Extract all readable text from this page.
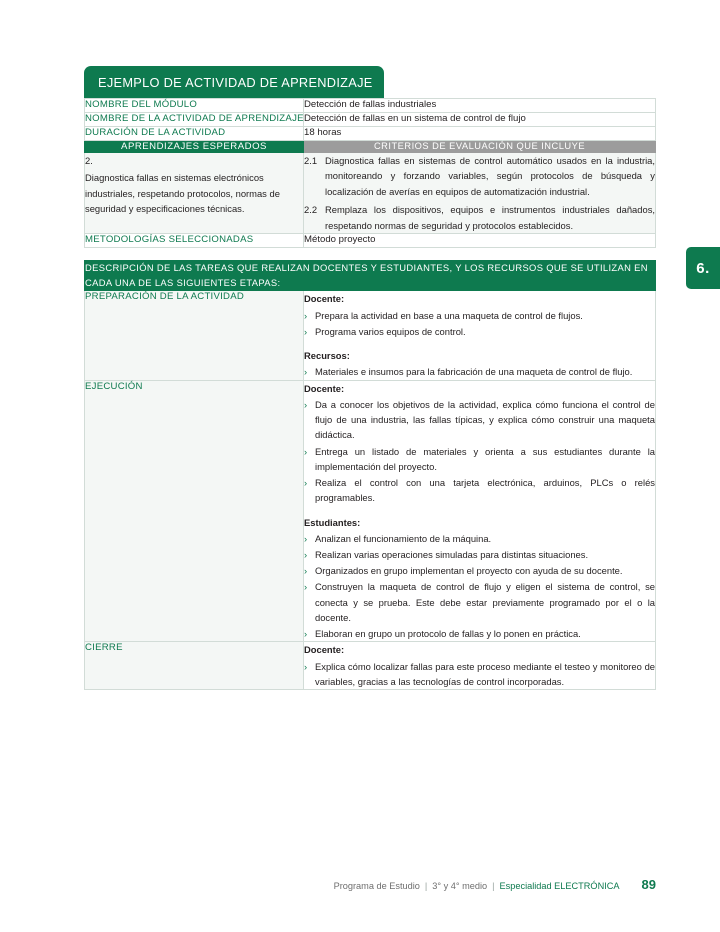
6.
EJEMPLO DE ACTIVIDAD DE APRENDIZAJE
NOMBRE DEL MÓDULO	Detección de fallas industriales
NOMBRE DE LA ACTIVIDAD DE APRENDIZAJE	Detección de fallas en un sistema de control de flujo
DURACIÓN DE LA ACTIVIDAD	18 horas
APRENDIZAJES ESPERADOS	CRITERIOS DE EVALUACIÓN QUE INCLUYE

2.
Diagnostica fallas en sistemas electrónicos industriales, respetando protocolos, normas de seguridad y especificaciones técnicas.

2.1 Diagnostica fallas en sistemas de control automático usados en la industria, monitoreando y forzando variables, según protocolos de búsqueda y localización de averías en equipos de automatización industrial.
2.2 Remplaza los dispositivos, equipos e instrumentos industriales dañados, respetando normas de seguridad y protocolos establecidos.

METODOLOGÍAS SELECCIONADAS	Método proyecto
DESCRIPCIÓN DE LAS TAREAS QUE REALIZAN DOCENTES Y ESTUDIANTES, Y LOS RECURSOS QUE SE UTILIZAN EN CADA UNA DE LAS SIGUIENTES ETAPAS:	
PREPARACIÓN DE LA ACTIVIDAD	Docente:
› Prepara la actividad en base a una maqueta de control de flujos.
› Programa varios equipos de control.
Recursos:
› Materiales e insumos para la fabricación de una maqueta de control de flujo.

EJECUCIÓN	Docente:
› Da a conocer los objetivos de la actividad, explica cómo funciona el control de flujo de una industria, las fallas típicas, y explica cómo construir una maqueta didáctica.
› Entrega un listado de materiales y orienta a sus estudiantes durante la implementación del proyecto.
› Realiza el control con una tarjeta electrónica, arduinos, PLCs o relés programables.
Estudiantes:
› Analizan el funcionamiento de la máquina.
› Realizan varias operaciones simuladas para distintas situaciones.
› Organizados en grupo implementan el proyecto con ayuda de su docente.
› Construyen la maqueta de control de flujo y eligen el sistema de control, se conecta y se prueba. Este debe estar previamente programado por el o la docente.
› Elaboran en grupo un protocolo de fallas y lo ponen en práctica.

CIERRE	Docente:
› Explica cómo localizar fallas para este proceso mediante el testeo y monitoreo de variables, gracias a las tecnologías de control incorporadas.
Programa de Estudio | 3° y 4° medio | Especialidad ELECTRÓNICA 89
